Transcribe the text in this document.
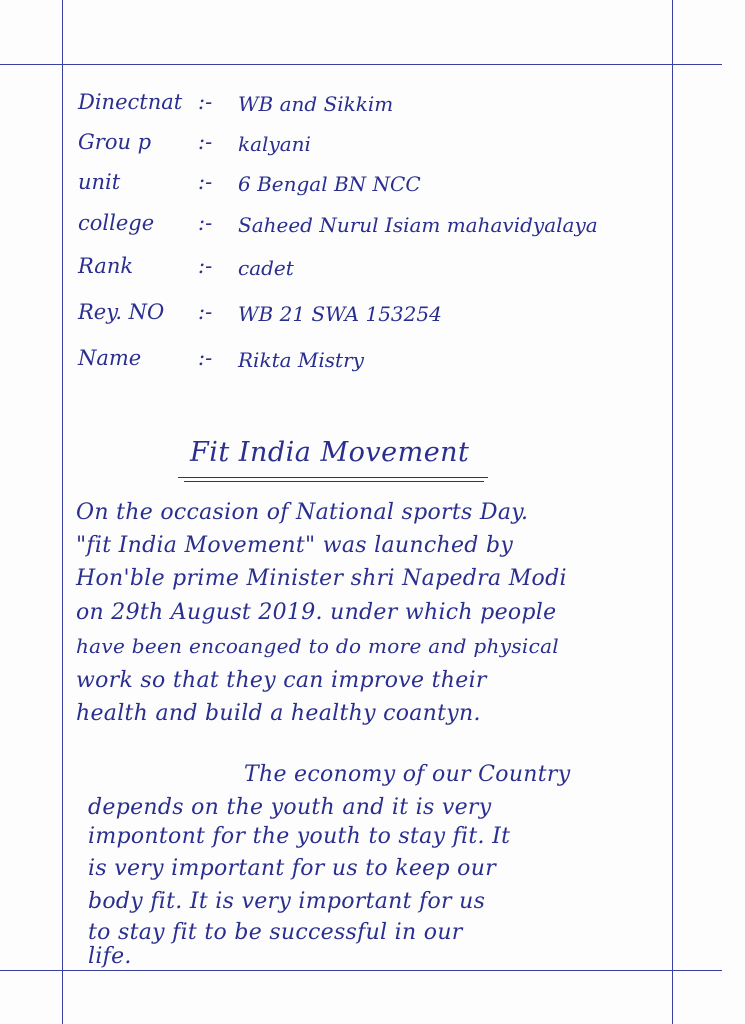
Dinectnat :- WB and Sikkim
Grou p :- kalyani
unit	:- 6 Bengal BN NCC
college :- Saheed Nurul Isiam mahavidyalaya
Rank	:- cadet
Rey. NO :- WB 21 SWA 153254
Name	:- Rikta Mistry
Fit India Movement
On the occasion of National sports Day.
"fit India Movement" was launched by
Hon'ble prime Minister shri Napedra Modi
on 29th August 2019. under which people
have been encoanged to do more and physical
work so that they can improve their
health and build a healthy coantyn.
The economy of our Country
depends on the youth and it is very
impontont for the youth to stay fit. It
is very important for us to keep our
body fit. It is very important for us
to stay fit to be successful in our
life.
